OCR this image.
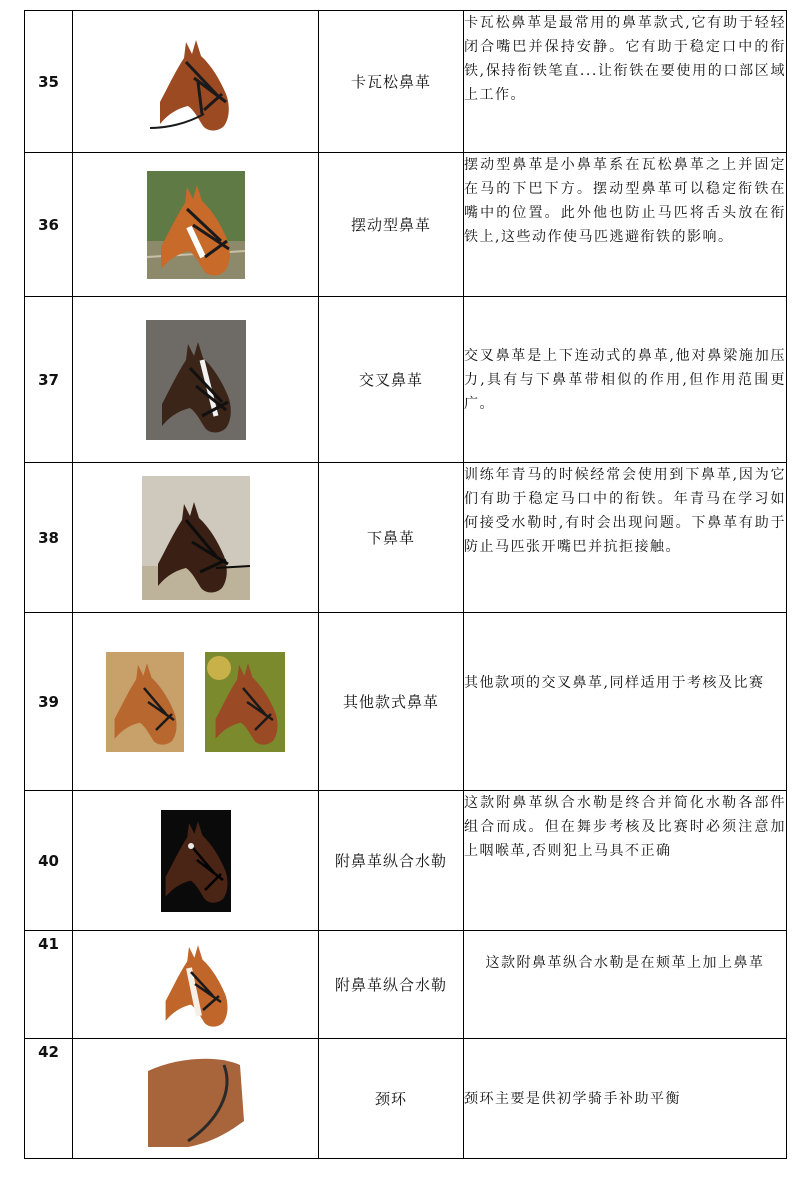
35		卡瓦松鼻革	卡瓦松鼻革是最常用的鼻革款式,它有助于轻轻闭合嘴巴并保持安静。它有助于稳定口中的衔铁,保持衔铁笔直...让衔铁在要使用的口部区域上工作。
36		摆动型鼻革	摆动型鼻革是小鼻革系在瓦松鼻革之上并固定在马的下巴下方。摆动型鼻革可以稳定衔铁在嘴中的位置。此外他也防止马匹将舌头放在衔铁上,这些动作使马匹逃避衔铁的影响。
37		交叉鼻革	交叉鼻革是上下连动式的鼻革,他对鼻梁施加压力,具有与下鼻革带相似的作用,但作用范围更广。
38		下鼻革	训练年青马的时候经常会使用到下鼻革,因为它们有助于稳定马口中的衔铁。年青马在学习如何接受水勒时,有时会出现问题。下鼻革有助于防止马匹张开嘴巴并抗拒接触。
39		其他款式鼻革	其他款项的交叉鼻革,同样适用于考核及比赛
40		附鼻革纵合水勒	这款附鼻革纵合水勒是终合并简化水勒各部件组合而成。但在舞步考核及比赛时必须注意加上咽喉革,否则犯上马具不正确
41		附鼻革纵合水勒	这款附鼻革纵合水勒是在颊革上加上鼻革
42		颈环	颈环主要是供初学骑手补助平衡
